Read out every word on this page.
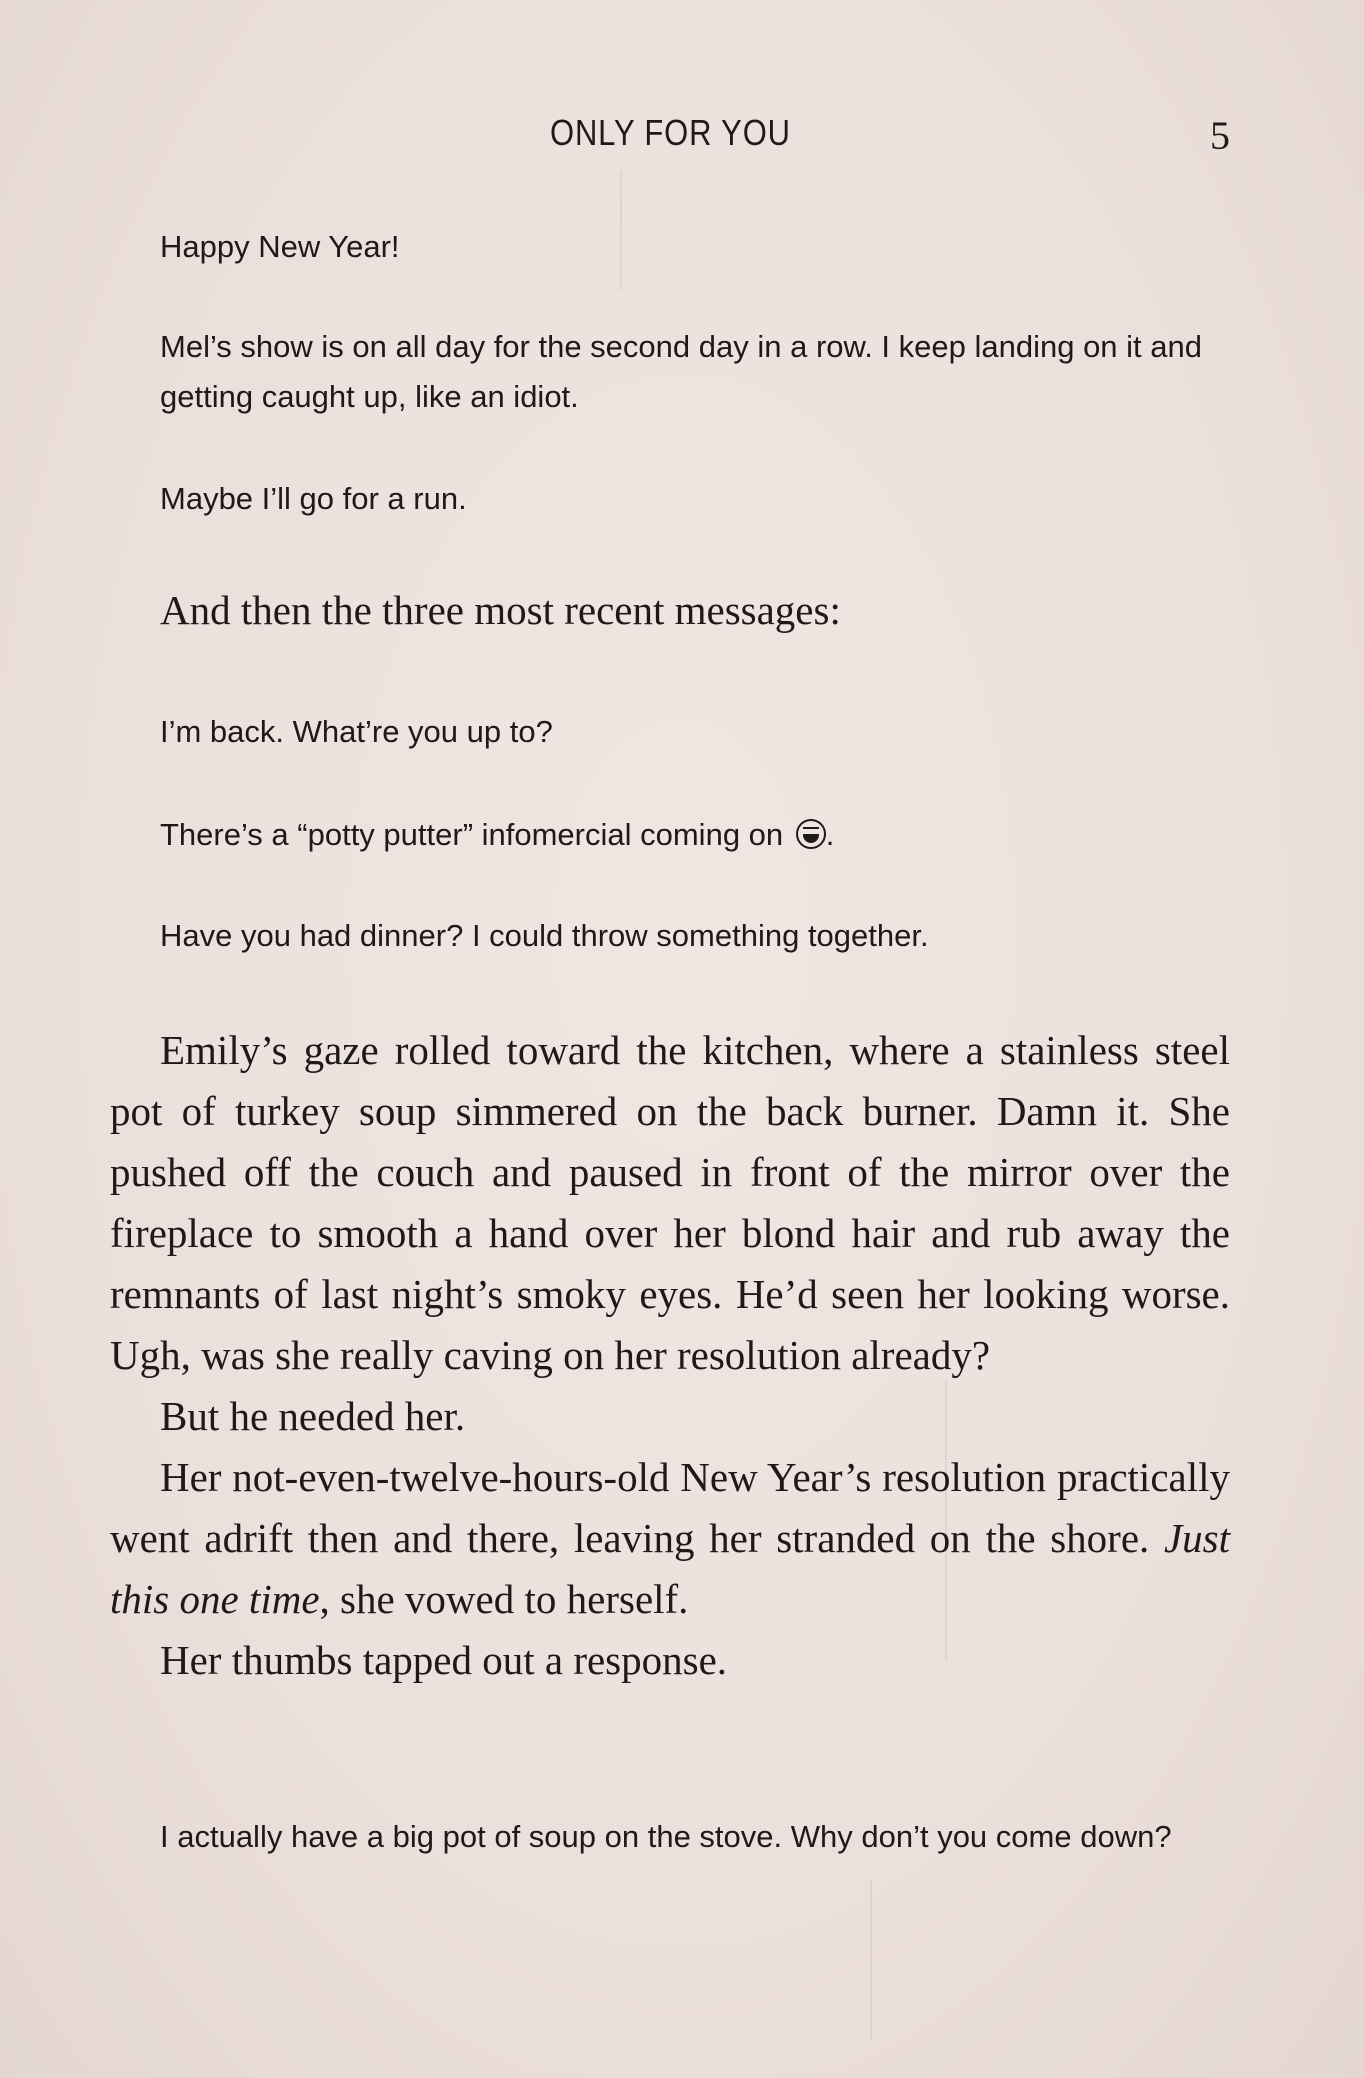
ONLY FOR YOU	5

Happy New Year!

Mel’s show is on all day for the second day in a row. I keep landing on it and getting caught up, like an idiot.

Maybe I’ll go for a run.

And then the three most recent messages:

I’m back. What’re you up to?

There’s a “potty putter” infomercial coming on .

Have you had dinner? I could throw something together.

Emily’s gaze rolled toward the kitchen, where a stainless steel pot of turkey soup simmered on the back burner. Damn it. She pushed off the couch and paused in front of the mirror over the fireplace to smooth a hand over her blond hair and rub away the remnants of last night’s smoky eyes. He’d seen her looking worse. Ugh, was she really caving on her resolution already?

But he needed her.

Her not-even-twelve-hours-old New Year’s resolution practically went adrift then and there, leaving her stranded on the shore. Just this one time, she vowed to herself.

Her thumbs tapped out a response.

I actually have a big pot of soup on the stove. Why don’t you come down?
